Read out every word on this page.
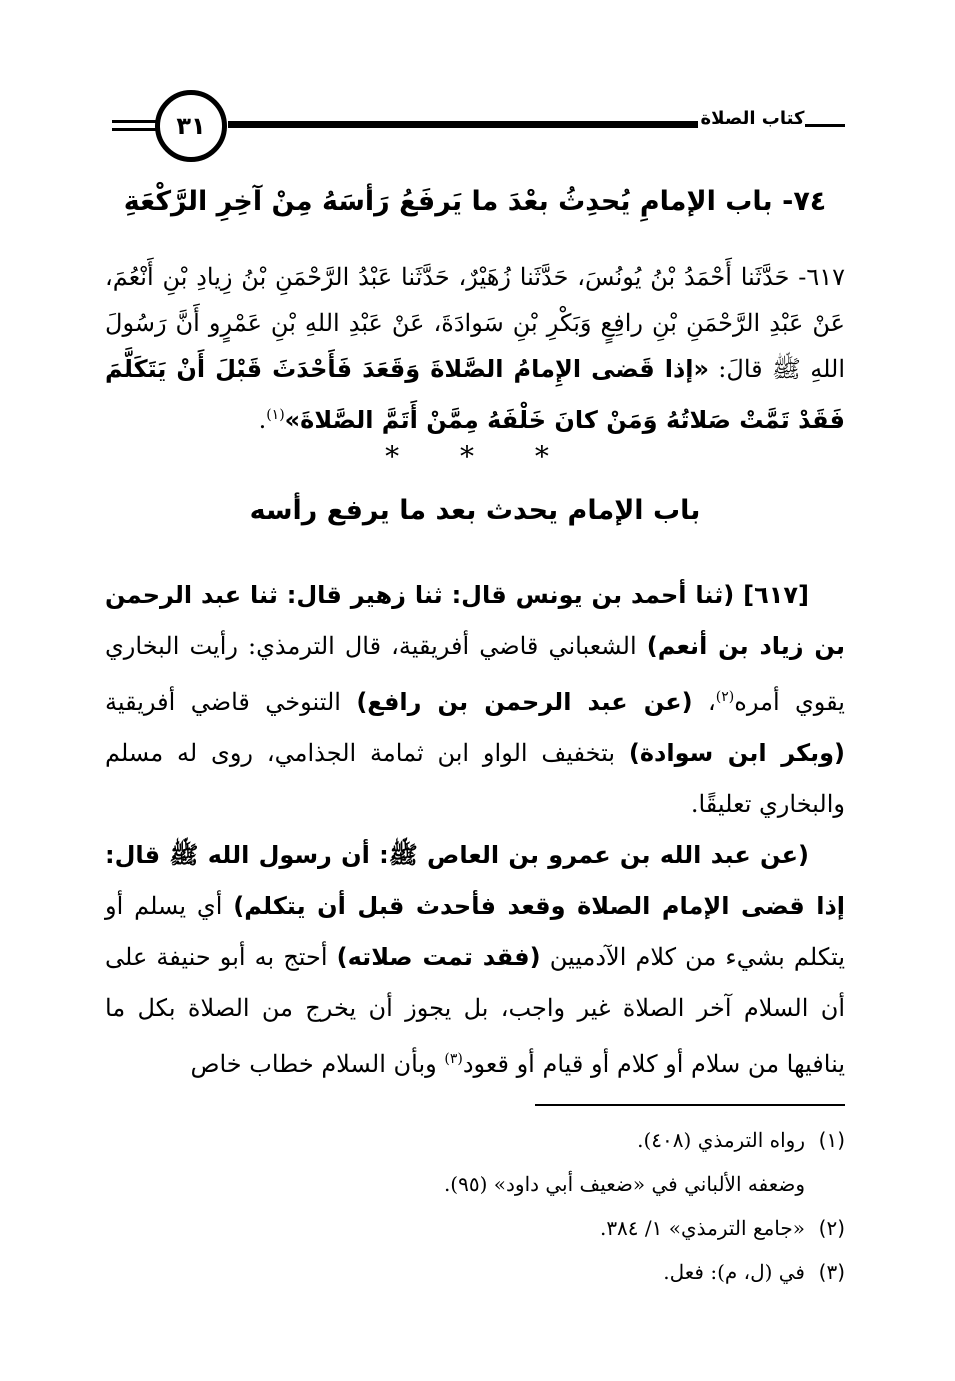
٣١	كتاب الصلاة
٧٤- باب الإمامِ يُحدِثُ بعْدَ ما يَرفَعُ رَأسَهُ مِنْ آخِرِ الرَّكْعَةِ
٦١٧- حَدَّثَنا أَحْمَدُ بْنُ يُونُسَ، حَدَّثَنا زُهَيْرٌ، حَدَّثَنا عَبْدُ الرَّحْمَنِ بْنُ زِيادِ بْنِ أَنْعُمَ، عَنْ عَبْدِ الرَّحْمَنِ بْنِ رافِعٍ وَبَكْرِ بْنِ سَوادَةَ، عَنْ عَبْدِ اللهِ بْنِ عَمْرٍو أَنَّ رَسُولَ اللهِ ﷺ قالَ: «إذا قَضى الإِمامُ الصَّلاةَ وَقَعَدَ فَأَحْدَثَ قَبْلَ أَنْ يَتَكَلَّمَ فَقَدْ تَمَّتْ صَلاتُهُ وَمَنْ كانَ خَلْفَهُ مِمَّنْ أَتَمَّ الصَّلاةَ»$^{(١)}$.
* * *
باب الإمام يحدث بعد ما يرفع رأسه

[٦١٧] (ثنا أحمد بن يونس قال: ثنا زهير قال: ثنا عبد الرحمن بن زياد بن أنعم) الشعباني قاضي أفريقية، قال الترمذي: رأيت البخاري يقوي أمره$^{(٢)}$، (عن عبد الرحمن بن رافع) التنوخي قاضي أفريقية (وبكر ابن سوادة) بتخفيف الواو ابن ثمامة الجذامي، روى له مسلم والبخاري تعليقًا.

(عن عبد الله بن عمرو بن العاص ﷺ: أن رسول الله ﷺ قال: إذا قضى الإمام الصلاة وقعد فأحدث قبل أن يتكلم) أي يسلم أو يتكلم بشيء من كلام الآدميين (فقد تمت صلاته) أحتج به أبو حنيفة على أن السلام آخر الصلاة غير واجب، بل يجوز أن يخرج من الصلاة بكل ما ينافيها من سلام أو كلام أو قيام أو قعود$^{(٣)}$ وبأن السلام خطاب خاص

(١)رواه الترمذي (٤٠٨).
وضعفه الألباني في «ضعيف أبي داود» (٩٥).
(٢)«جامع الترمذي» ١/ ٣٨٤.
(٣)في (ل، م): فعل.
